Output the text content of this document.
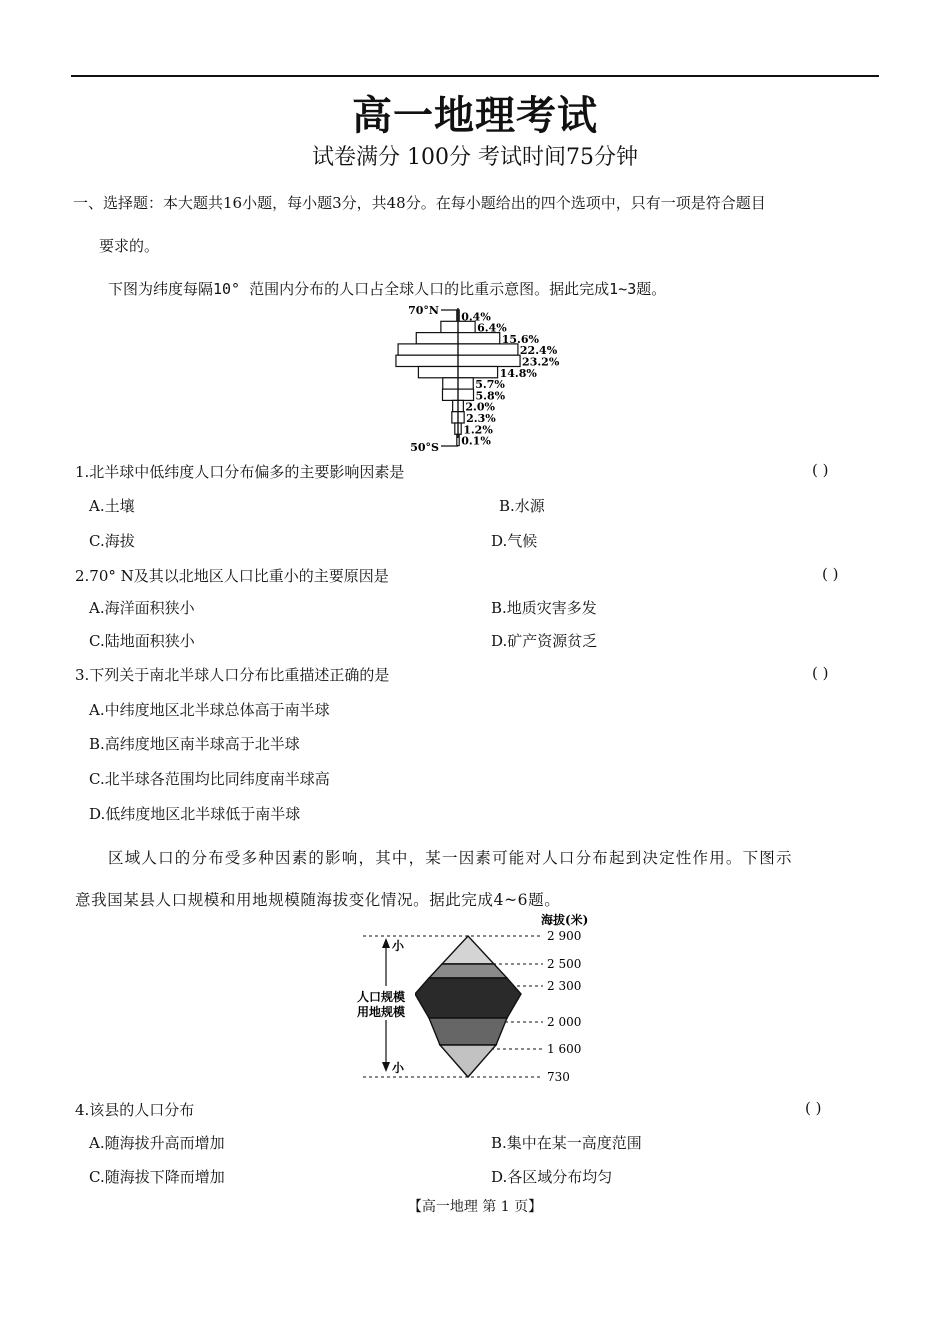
高一地理考试
试卷满分 100分 考试时间75分钟
一、选择题：本大题共16小题，每小题3分，共48分。在每小题给出的四个选项中，只有一项是符合题目
要求的。
下图为纬度每隔10° 范围内分布的人口占全球人口的比重示意图。据此完成1~3题。
70°N
50°S
0.4%
6.4%
15.6%
22.4%
23.2%
14.8%
5.7%
5.8%
2.0%
2.3%
1.2%
0.1%
1.北半球中低纬度人口分布偏多的主要影响因素是	( )
A.土壤	B.水源
C.海拔	D.气候
2.70° N及其以北地区人口比重小的主要原因是	( )
A.海洋面积狭小	B.地质灾害多发
C.陆地面积狭小	D.矿产资源贫乏
3.下列关于南北半球人口分布比重描述正确的是	( )
A.中纬度地区北半球总体高于南半球
B.高纬度地区南半球高于北半球
C.北半球各范围均比同纬度南半球高
D.低纬度地区北半球低于南半球
区域人口的分布受多种因素的影响，其中，某一因素可能对人口分布起到决定性作用。下图示
意我国某县人口规模和用地规模随海拔变化情况。据此完成4~6题。
海拔(米)
小
小
人口规模
用地规模
2 900
2 500
2 300
2 000
1 600
730
4.该县的人口分布	( )
A.随海拔升高而增加	B.集中在某一高度范围
C.随海拔下降而增加	D.各区域分布均匀
【高一地理 第 1 页】
